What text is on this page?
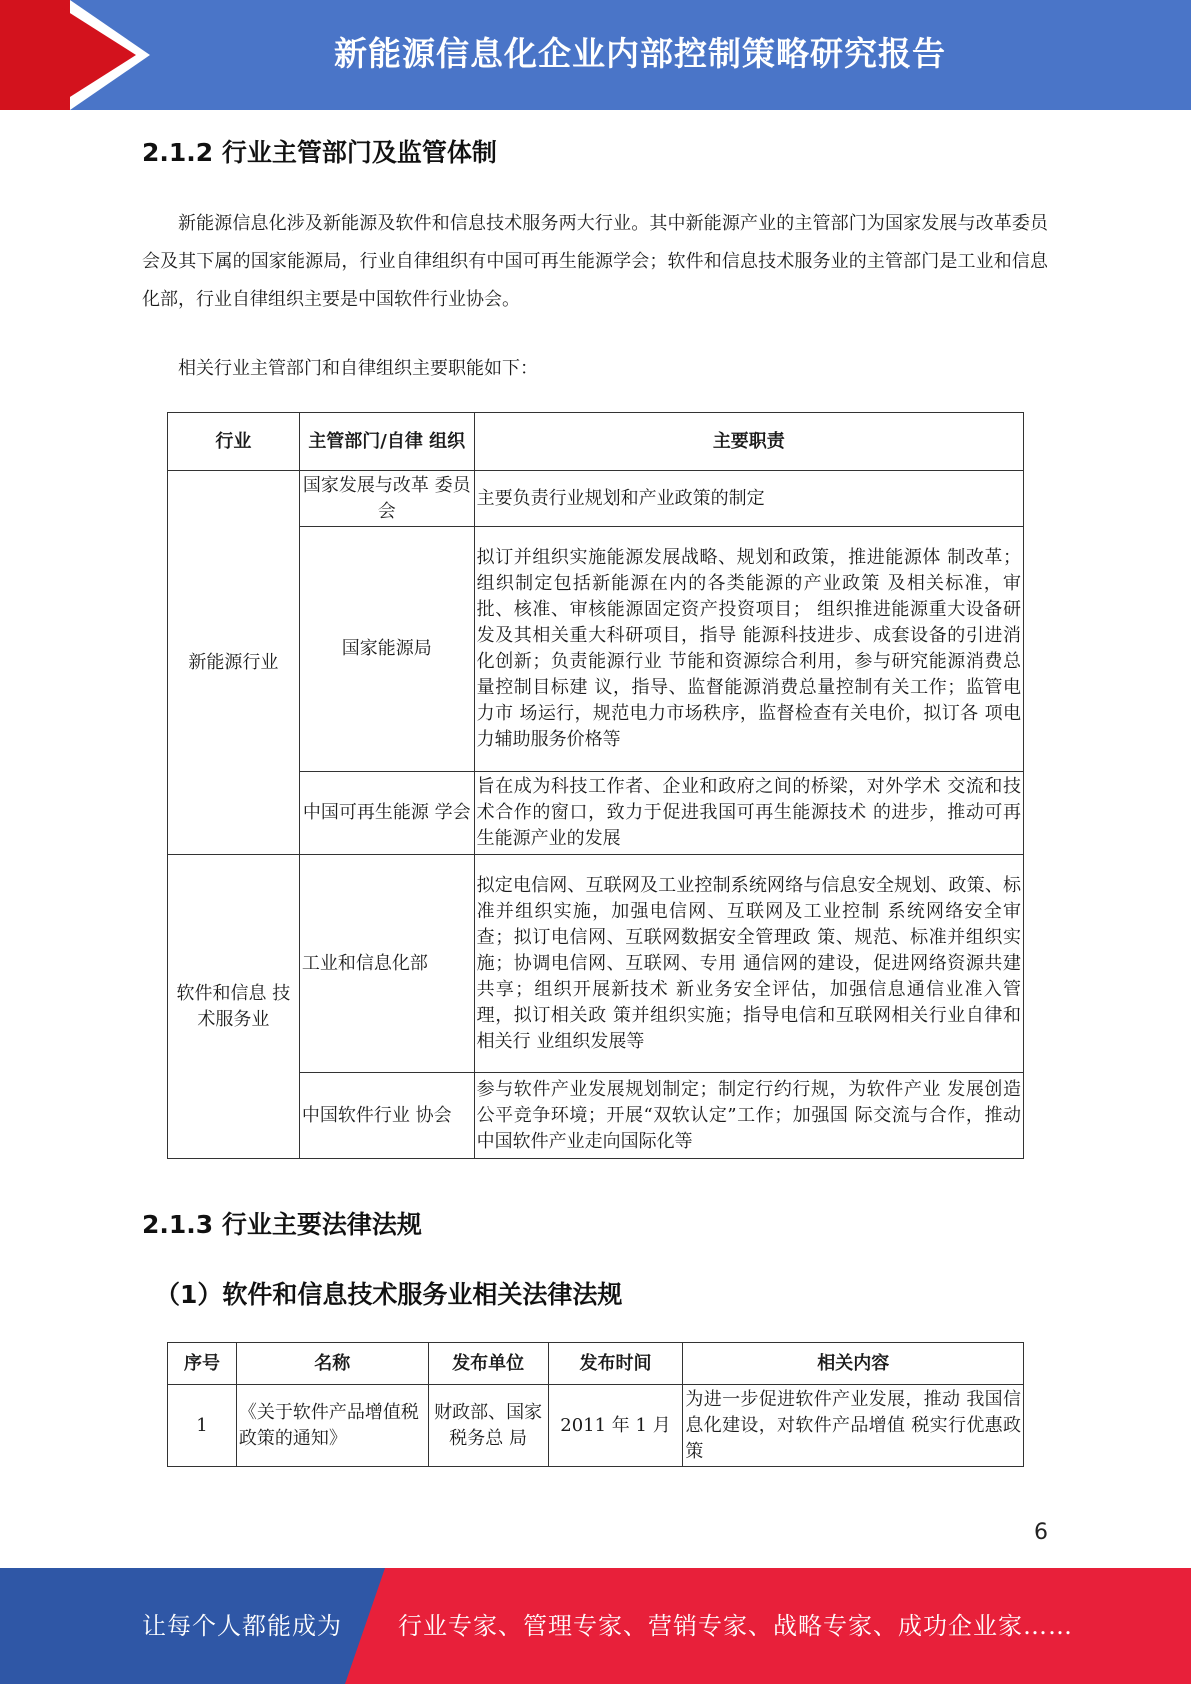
新能源信息化企业内部控制策略研究报告
2.1.2 行业主管部门及监管体制

新能源信息化涉及新能源及软件和信息技术服务两大行业。其中新能源产业的主管部门为国家发展与改革委员会及其下属的国家能源局，行业自律组织有中国可再生能源学会；软件和信息技术服务业的主管部门是工业和信息化部，行业自律组织主要是中国软件行业协会。

相关行业主管部门和自律组织主要职能如下：

行业	主管部门/自律 组织	主要职责
新能源行业	国家发展与改革 委员会	主要负责行业规划和产业政策的制定
	国家能源局	拟订并组织实施能源发展战略、规划和政策，推进能源体 制改革；组织制定包括新能源在内的各类能源的产业政策 及相关标准，审批、核准、审核能源固定资产投资项目； 组织推进能源重大设备研发及其相关重大科研项目，指导 能源科技进步、成套设备的引进消化创新；负责能源行业 节能和资源综合利用，参与研究能源消费总量控制目标建 议，指导、监督能源消费总量控制有关工作；监管电力市 场运行，规范电力市场秩序，监督检查有关电价，拟订各 项电力辅助服务价格等
	中国可再生能源 学会	旨在成为科技工作者、企业和政府之间的桥梁，对外学术 交流和技术合作的窗口，致力于促进我国可再生能源技术 的进步，推动可再生能源产业的发展
软件和信息 技术服务业	工业和信息化部	拟定电信网、互联网及工业控制系统网络与信息安全规划、政策、标准并组织实施，加强电信网、互联网及工业控制 系统网络安全审查；拟订电信网、互联网数据安全管理政 策、规范、标准并组织实施；协调电信网、互联网、专用 通信网的建设，促进网络资源共建共享；组织开展新技术 新业务安全评估，加强信息通信业准入管理，拟订相关政 策并组织实施；指导电信和互联网相关行业自律和相关行 业组织发展等
	中国软件行业 协会	参与软件产业发展规划制定；制定行约行规，为软件产业 发展创造公平竞争环境；开展“双软认定”工作；加强国 际交流与合作，推动中国软件产业走向国际化等
2.1.3 行业主要法律法规
（1）软件和信息技术服务业相关法律法规
序号	名称	发布单位	发布时间	相关内容
1	《关于软件产品增值税政策的通知》	财政部、国家税务总 局	2011 年 1 月	为进一步促进软件产业发展，推动 我国信息化建设，对软件产品增值 税实行优惠政策
6
让每个人都能成为 行业专家、管理专家、营销专家、战略专家、成功企业家……
